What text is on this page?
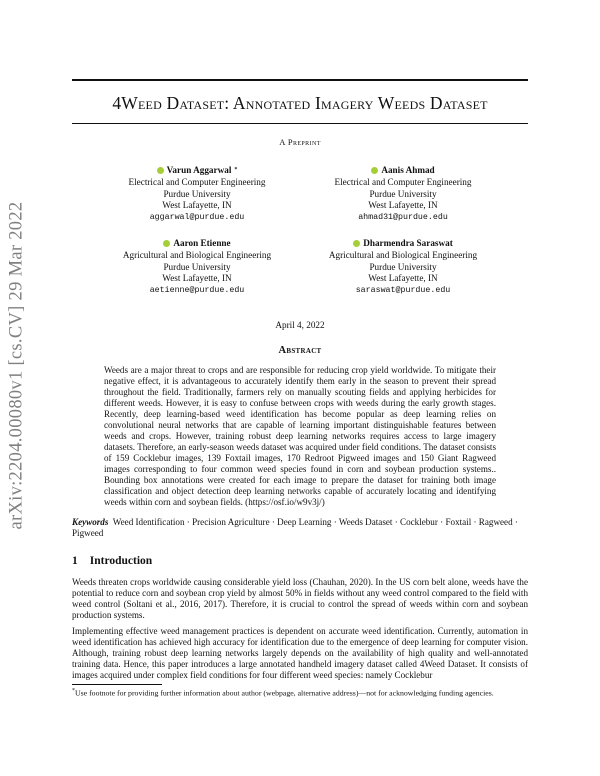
arXiv:2204.00080v1 [cs.CV] 29 Mar 2022
4Weed Dataset: Annotated Imagery Weeds Dataset
A Preprint
Varun Aggarwal *
Electrical and Computer Engineering
Purdue University
West Lafayette, IN
aggarwal@purdue.edu
Aanis Ahmad
Electrical and Computer Engineering
Purdue University
West Lafayette, IN
ahmad31@purdue.edu
Aaron Etienne
Agricultural and Biological Engineering
Purdue University
West Lafayette, IN
aetienne@purdue.edu
Dharmendra Saraswat
Agricultural and Biological Engineering
Purdue University
West Lafayette, IN
saraswat@purdue.edu
April 4, 2022
Abstract
Weeds are a major threat to crops and are responsible for reducing crop yield worldwide. To mitigate their negative effect, it is advantageous to accurately identify them early in the season to prevent their spread throughout the field. Traditionally, farmers rely on manually scouting fields and applying herbicides for different weeds. However, it is easy to confuse between crops with weeds during the early growth stages. Recently, deep learning-based weed identification has become popular as deep learning relies on convolutional neural networks that are capable of learning important distinguishable features between weeds and crops. However, training robust deep learning networks requires access to large imagery datasets. Therefore, an early-season weeds dataset was acquired under field conditions. The dataset consists of 159 Cocklebur images, 139 Foxtail images, 170 Redroot Pigweed images and 150 Giant Ragweed images corresponding to four common weed species found in corn and soybean production systems.. Bounding box annotations were created for each image to prepare the dataset for training both image classification and object detection deep learning networks capable of accurately locating and identifying weeds within corn and soybean fields. (https://osf.io/w9v3j/)
Keywords Weed Identification · Precision Agriculture · Deep Learning · Weeds Dataset · Cocklebur · Foxtail · Ragweed · Pigweed
1 Introduction
Weeds threaten crops worldwide causing considerable yield loss (Chauhan, 2020). In the US corn belt alone, weeds have the potential to reduce corn and soybean crop yield by almost 50% in fields without any weed control compared to the field with weed control (Soltani et al., 2016, 2017). Therefore, it is crucial to control the spread of weeds within corn and soybean production systems.
Implementing effective weed management practices is dependent on accurate weed identification. Currently, automation in weed identification has achieved high accuracy for identification due to the emergence of deep learning for computer vision. Although, training robust deep learning networks largely depends on the availability of high quality and well-annotated training data. Hence, this paper introduces a large annotated handheld imagery dataset called 4Weed Dataset. It consists of images acquired under complex field conditions for four different weed species: namely Cocklebur
*Use footnote for providing further information about author (webpage, alternative address)—not for acknowledging funding agencies.
